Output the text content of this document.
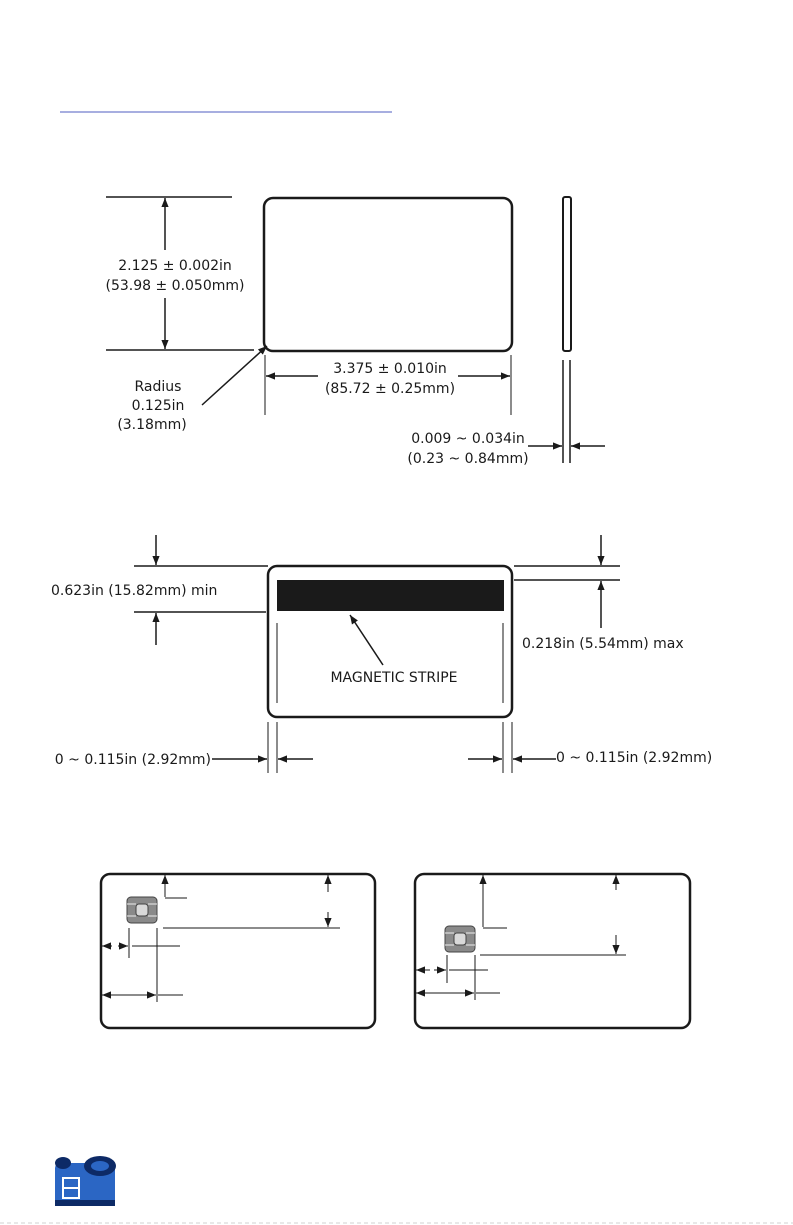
2.125 ± 0.002in
(53.98 ± 0.050mm)
3.375 ± 0.010in
(85.72 ± 0.25mm)
Radius
0.125in
(3.18mm)
0.009 ~ 0.034in
(0.23 ~ 0.84mm)
0.623in (15.82mm) min
0.218in (5.54mm) max
MAGNETIC STRIPE
0 ~ 0.115in (2.92mm)	0 ~ 0.115in (2.92mm)
